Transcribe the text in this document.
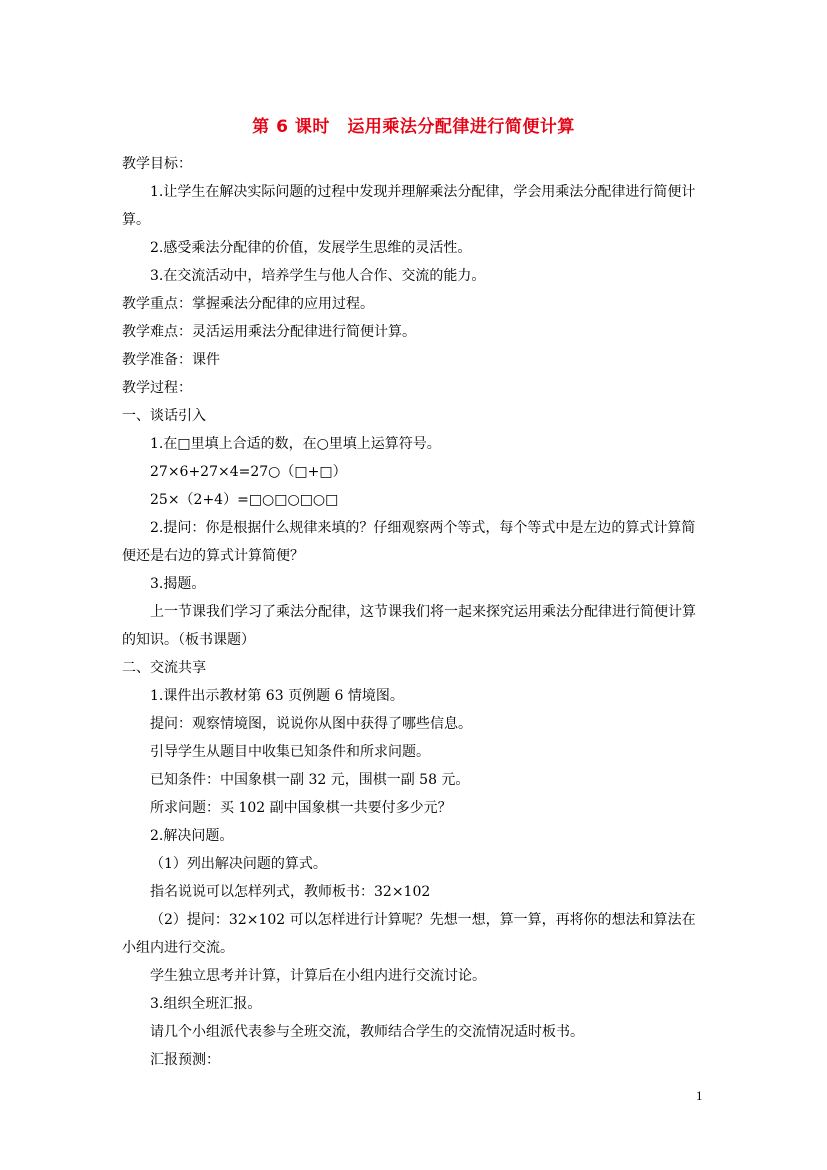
第 6 课时　运用乘法分配律进行简便计算

教学目标：

1.让学生在解决实际问题的过程中发现并理解乘法分配律，学会用乘法分配律进行简便计算。

2.感受乘法分配律的价值，发展学生思维的灵活性。

3.在交流活动中，培养学生与他人合作、交流的能力。

教学重点：掌握乘法分配律的应用过程。

教学难点：灵活运用乘法分配律进行简便计算。

教学准备：课件

教学过程：

一、谈话引入

1.在□里填上合适的数，在○里填上运算符号。

27×6+27×4=27○（□+□）

25×（2+4）=□○□○□○□

2.提问：你是根据什么规律来填的？仔细观察两个等式，每个等式中是左边的算式计算简便还是右边的算式计算简便？

3.揭题。

上一节课我们学习了乘法分配律，这节课我们将一起来探究运用乘法分配律进行简便计算的知识。（板书课题）

二、交流共享

1.课件出示教材第 63 页例题 6 情境图。

提问：观察情境图，说说你从图中获得了哪些信息。

引导学生从题目中收集已知条件和所求问题。

已知条件：中国象棋一副 32 元，围棋一副 58 元。

所求问题：买 102 副中国象棋一共要付多少元？

2.解决问题。

（1）列出解决问题的算式。

指名说说可以怎样列式，教师板书：32×102

（2）提问：32×102 可以怎样进行计算呢？先想一想，算一算，再将你的想法和算法在小组内进行交流。

学生独立思考并计算，计算后在小组内进行交流讨论。

3.组织全班汇报。

请几个小组派代表参与全班交流，教师结合学生的交流情况适时板书。

汇报预测：

1
